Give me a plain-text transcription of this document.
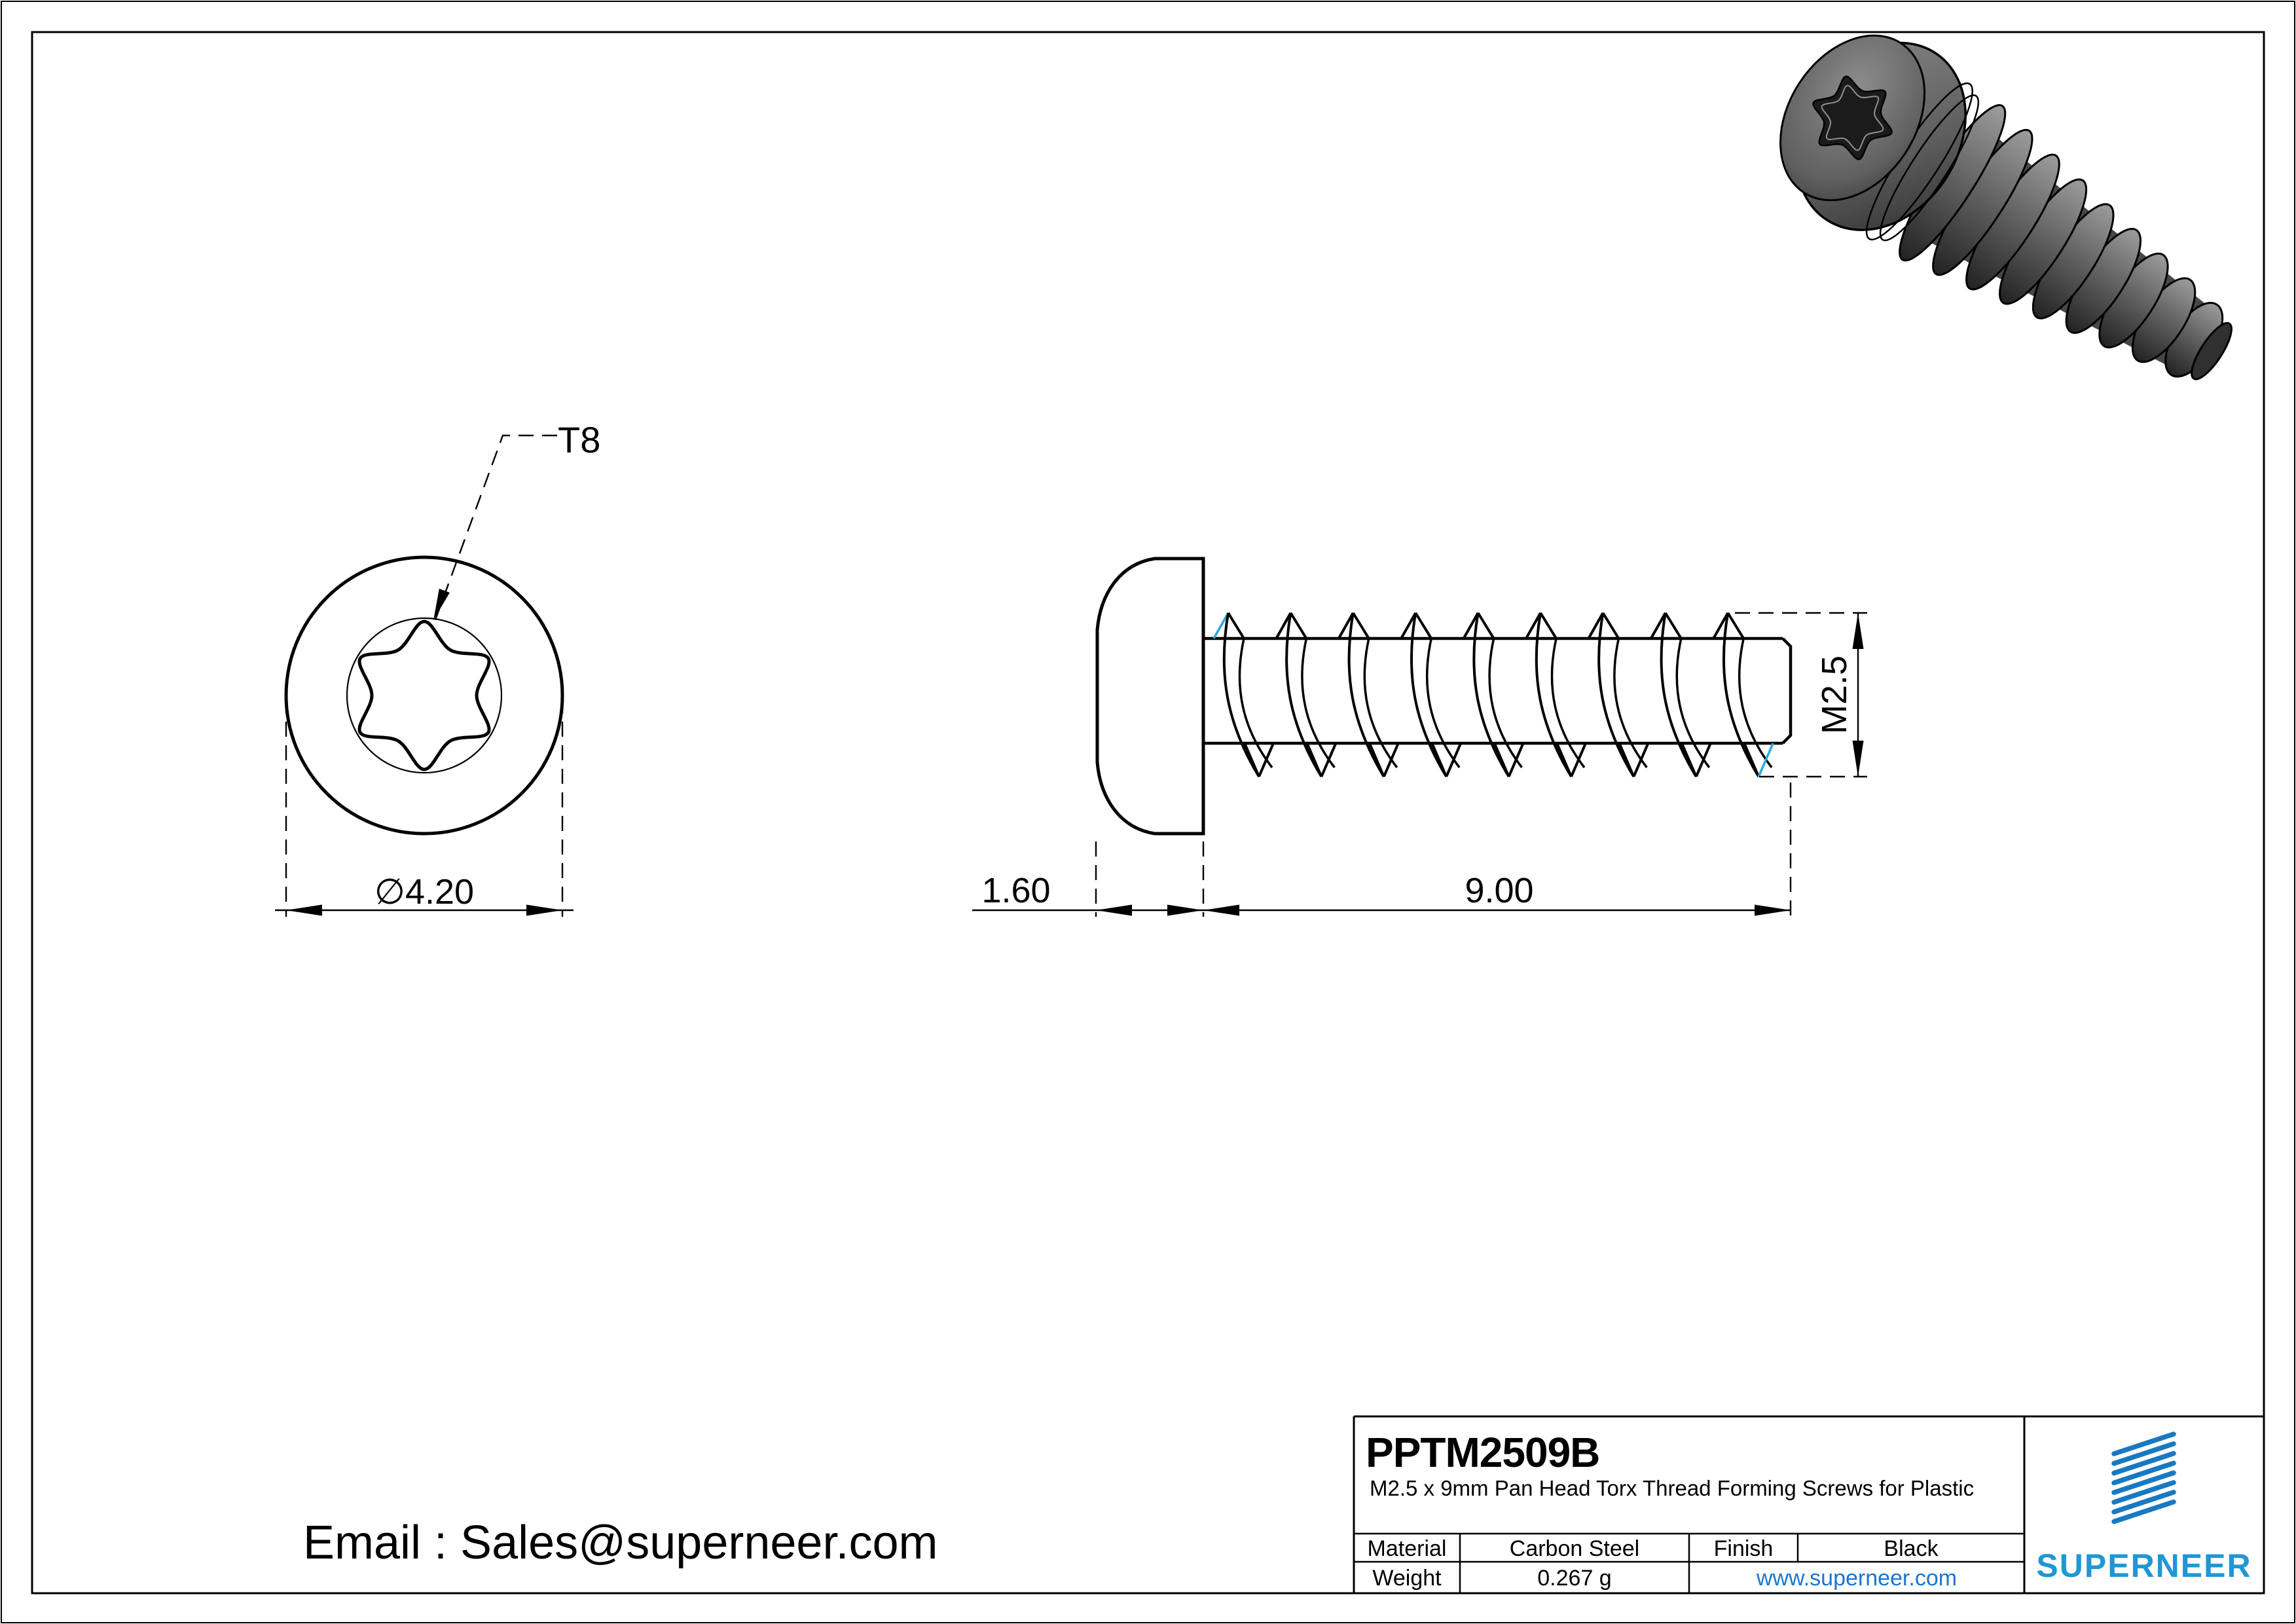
T8
∅4.20
M2.5
1.60	9.00
PPTM2509B
M2.5 x 9mm Pan Head Torx Thread Forming Screws for Plastic
Material	Carbon Steel	Finish	Black
Weight	0.267 g	www.superneer.com SUPERNEER
Email : Sales@superneer.com
